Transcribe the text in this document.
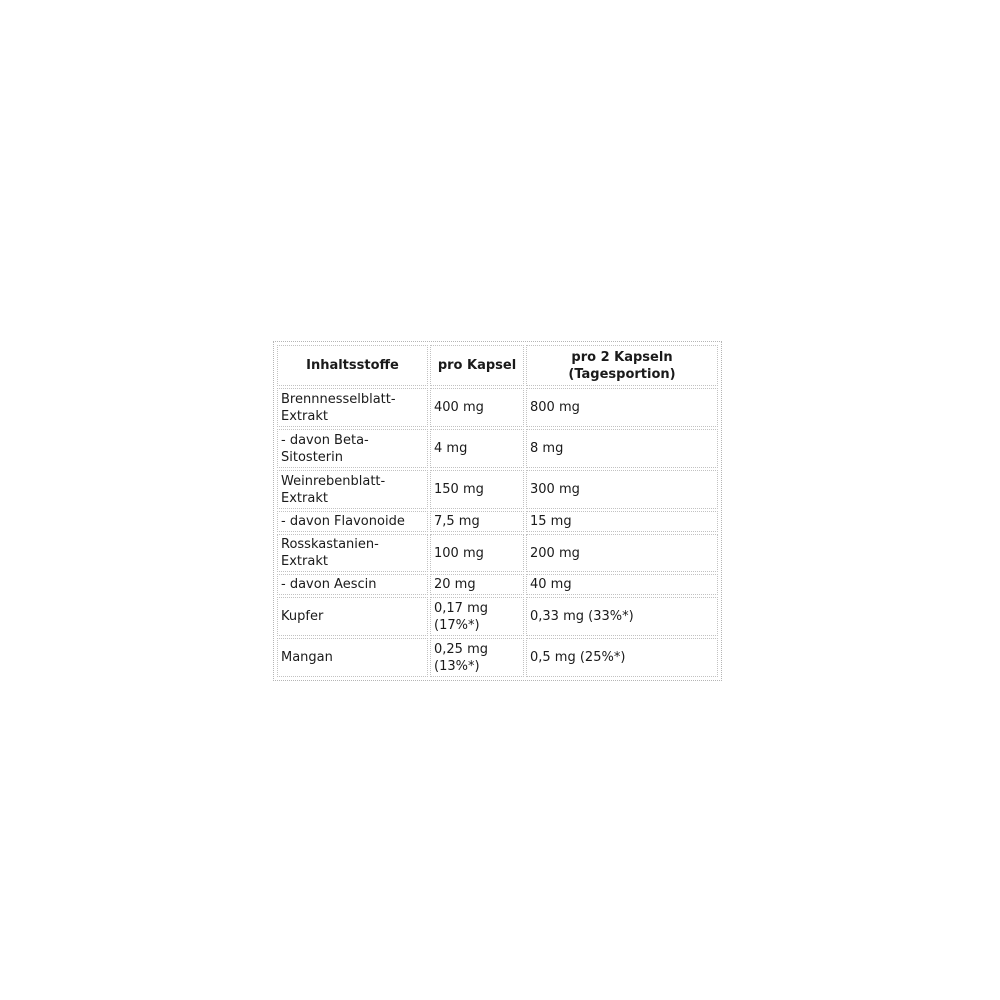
Inhaltsstoffe	pro Kapsel	pro 2 Kapseln
(Tagesportion)
Brennnesselblatt-Extrakt	400 mg	800 mg
- davon Beta-Sitosterin	4 mg	8 mg
Weinrebenblatt-Extrakt	150 mg	300 mg
- davon Flavonoide	7,5 mg	15 mg
Rosskastanien-Extrakt	100 mg	200 mg
- davon Aescin	20 mg	40 mg
Kupfer	0,17 mg (17%*)	0,33 mg (33%*)
Mangan	0,25 mg (13%*)	0,5 mg (25%*)
